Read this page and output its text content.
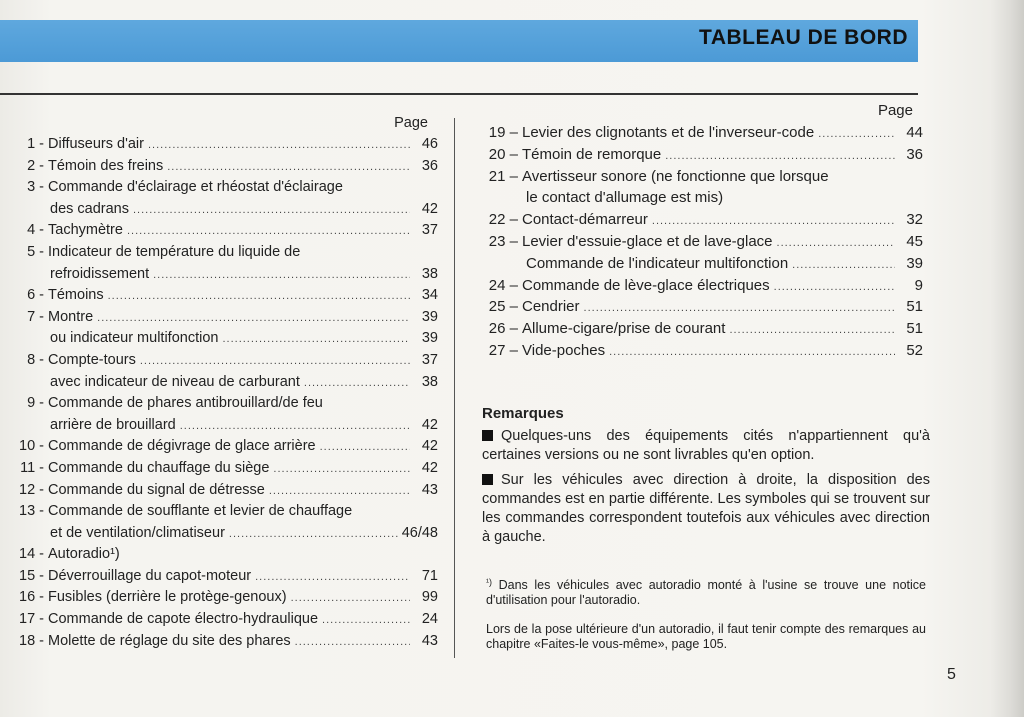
TABLEAU DE BORD
Page
1 - Diffuseurs d'air .....	46
2 - Témoin des freins .....	36
3 - Commande d'éclairage et rhéostat d'éclairage
des cadrans .....	42
4 - Tachymètre .....	37
5 - Indicateur de température du liquide de
refroidissement .....	38
6 - Témoins .....	34
7 - Montre .....	39
ou indicateur multifonction .....	39
8 - Compte-tours .....	37
avec indicateur de niveau de carburant .....	38
9 - Commande de phares antibrouillard/de feu
arrière de brouillard .....	42
10 - Commande de dégivrage de glace arrière .....	42
11 - Commande du chauffage du siège .....	42
12 - Commande du signal de détresse .....	43
13 - Commande de soufflante et levier de chauffage
et de ventilation/climatiseur .....	46/48
14 - Autoradio¹)
15 - Déverrouillage du capot-moteur .....	71
16 - Fusibles (derrière le protège-genoux) .....	99
17 - Commande de capote électro-hydraulique .....	24
18 - Molette de réglage du site des phares .....	43
Page
19 – Levier des clignotants et de l'inverseur-code .....	44
20 – Témoin de remorque .....	36
21 – Avertisseur sonore (ne fonctionne que lorsque
le contact d'allumage est mis)
22 – Contact-démarreur .....	32
23 – Levier d'essuie-glace et de lave-glace .....	45
Commande de l'indicateur multifonction .....	39
24 – Commande de lève-glace électriques .....	9
25 – Cendrier .....	51
26 – Allume-cigare/prise de courant .....	51
27 – Vide-poches .....	52
Remarques
Quelques-uns des équipements cités n'appartiennent qu'à certaines versions ou ne sont livrables qu'en option.
Sur les véhicules avec direction à droite, la disposition des commandes est en partie différente. Les symboles qui se trouvent sur les commandes correspondent toutefois aux véhicules avec direction à gauche.
$^{^1)}$ Dans les véhicules avec autoradio monté à l'usine se trouve une notice d'utilisation pour l'autoradio.
Lors de la pose ultérieure d'un autoradio, il faut tenir compte des remarques au chapitre «Faites-le vous-même», page 105.
5
